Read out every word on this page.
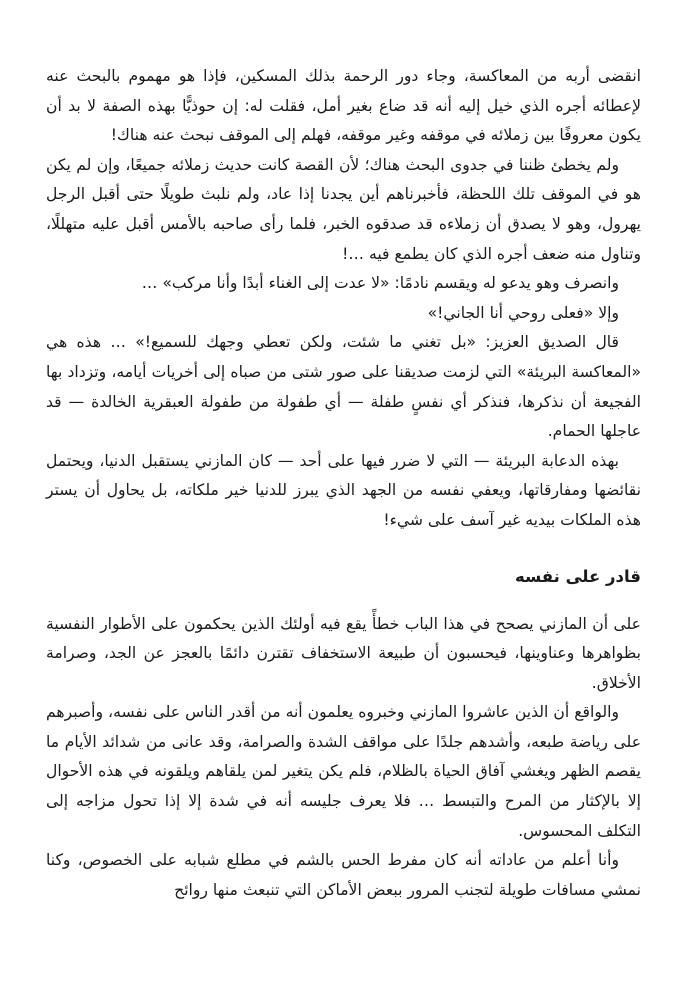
انقضى أربه من المعاكسة، وجاء دور الرحمة بذلك المسكين، فإذا هو مهموم بالبحث عنه لإعطائه أجره الذي خيل إليه أنه قد ضاع بغير أمل، فقلت له: إن حوذيًّا بهذه الصفة لا بد أن يكون معروفًا بين زملائه في موقفه وغير موقفه، فهلم إلى الموقف نبحث عنه هناك!

ولم يخطئ ظننا في جدوى البحث هناك؛ لأن القصة كانت حديث زملائه جميعًا، وإن لم يكن هو في الموقف تلك اللحظة، فأخبرناهم أين يجدنا إذا عاد، ولم نلبث طويلًا حتى أقبل الرجل يهرول، وهو لا يصدق أن زملاءه قد صدقوه الخبر، فلما رأى صاحبه بالأمس أقبل عليه متهللًا، وتناول منه ضعف أجره الذي كان يطمع فيه …!

وانصرف وهو يدعو له ويقسم نادمًا: «لا عدت إلى الغناء أبدًا وأنا مركب» …

وإلا «فعلى روحي أنا الجاني!»

قال الصديق العزيز: «بل تغني ما شئت، ولكن تعطي وجهك للسميع!» … هذه هي «المعاكسة البريئة» التي لزمت صديقنا على صور شتى من صباه إلى أخريات أيامه، وتزداد بها الفجيعة أن نذكرها، فنذكر أي نفسٍ طفلة — أي طفولة من طفولة العبقرية الخالدة — قد عاجلها الحمام.

بهذه الدعابة البريئة — التي لا ضرر فيها على أحد — كان المازني يستقبل الدنيا، ويحتمل نقائضها ومفارقاتها، ويعفي نفسه من الجهد الذي يبرز للدنيا خير ملكاته، بل يحاول أن يستر هذه الملكات بيديه غير آسف على شيء!

قادر على نفسه

على أن المازني يصحح في هذا الباب خطأً يقع فيه أولئك الذين يحكمون على الأطوار النفسية بظواهرها وعناوينها، فيحسبون أن طبيعة الاستخفاف تقترن دائمًا بالعجز عن الجد، وصرامة الأخلاق.

والواقع أن الذين عاشروا المازني وخبروه يعلمون أنه من أقدر الناس على نفسه، وأصبرهم على رياضة طبعه، وأشدهم جلدًا على مواقف الشدة والصرامة، وقد عانى من شدائد الأيام ما يقصم الظهر ويغشي آفاق الحياة بالظلام، فلم يكن يتغير لمن يلقاهم ويلقونه في هذه الأحوال إلا بالإكثار من المرح والتبسط … فلا يعرف جليسه أنه في شدة إلا إذا تحول مزاجه إلى التكلف المحسوس.

وأنا أعلم من عاداته أنه كان مفرط الحس بالشم في مطلع شبابه على الخصوص، وكنا نمشي مسافات طويلة لتجنب المرور ببعض الأماكن التي تنبعث منها روائح
